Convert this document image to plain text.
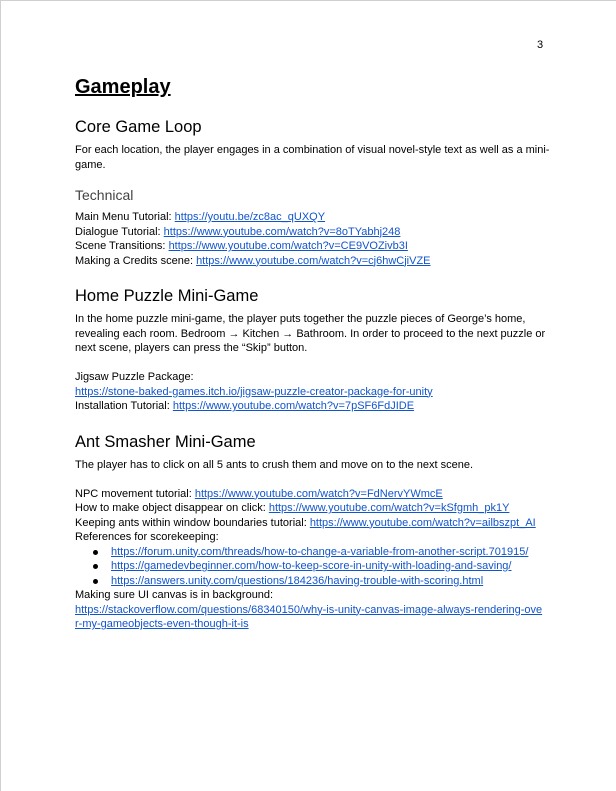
3
Gameplay
Core Game Loop

For each location, the player engages in a combination of visual novel-style text as well as a mini-game.

Technical
Main Menu Tutorial: https://youtu.be/zc8ac_qUXQY
Dialogue Tutorial: https://www.youtube.com/watch?v=8oTYabhj248
Scene Transitions: https://www.youtube.com/watch?v=CE9VOZivb3I
Making a Credits scene: https://www.youtube.com/watch?v=cj6hwCjiVZE
Home Puzzle Mini-Game

In the home puzzle mini-game, the player puts together the puzzle pieces of George’s home, revealing each room. Bedroom → Kitchen → Bathroom. In order to proceed to the next puzzle or next scene, players can press the “Skip” button.

Jigsaw Puzzle Package:
https://stone-baked-games.itch.io/jigsaw-puzzle-creator-package-for-unity
Installation Tutorial: https://www.youtube.com/watch?v=7pSF6FdJIDE
Ant Smasher Mini-Game

The player has to click on all 5 ants to crush them and move on to the next scene.

NPC movement tutorial: https://www.youtube.com/watch?v=FdNervYWmcE
How to make object disappear on click: https://www.youtube.com/watch?v=kSfgmh_pk1Y
Keeping ants within window boundaries tutorial: https://www.youtube.com/watch?v=ailbszpt_AI
References for scorekeeping:
https://forum.unity.com/threads/how-to-change-a-variable-from-another-script.701915/
https://gamedevbeginner.com/how-to-keep-score-in-unity-with-loading-and-saving/
https://answers.unity.com/questions/184236/having-trouble-with-scoring.html
Making sure UI canvas is in background:
https://stackoverflow.com/questions/68340150/why-is-unity-canvas-image-always-rendering-ove
r-my-gameobjects-even-though-it-is
